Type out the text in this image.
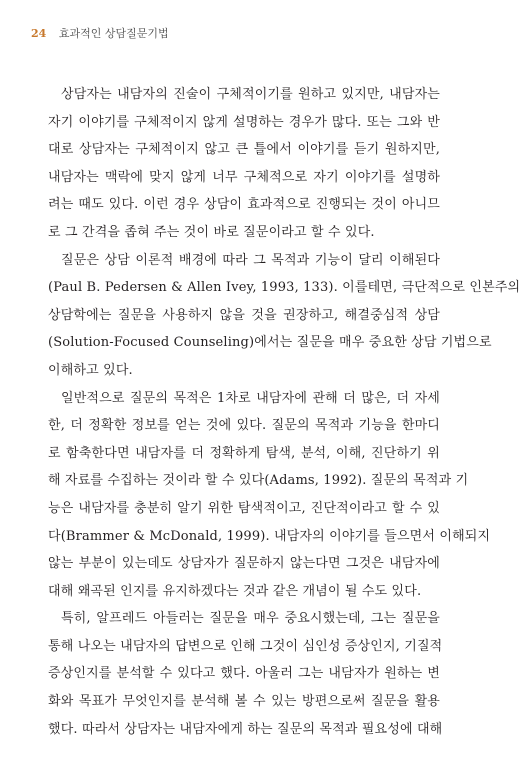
24 효과적인 상담질문기법
상담자는 내담자의 진술이 구체적이기를 원하고 있지만, 내담자는
자기 이야기를 구체적이지 않게 설명하는 경우가 많다. 또는 그와 반
대로 상담자는 구체적이지 않고 큰 틀에서 이야기를 듣기 원하지만,
내담자는 맥락에 맞지 않게 너무 구체적으로 자기 이야기를 설명하
려는 때도 있다. 이런 경우 상담이 효과적으로 진행되는 것이 아니므
로 그 간격을 좁혀 주는 것이 바로 질문이라고 할 수 있다.
질문은 상담 이론적 배경에 따라 그 목적과 기능이 달리 이해된다
(Paul B. Pedersen & Allen Ivey, 1993, 133). 이를테면, 극단적으로 인본주의
상담학에는 질문을 사용하지 않을 것을 권장하고, 해결중심적 상담
(Solution-Focused Counseling)에서는 질문을 매우 중요한 상담 기법으로
이해하고 있다.
일반적으로 질문의 목적은 1차로 내담자에 관해 더 많은, 더 자세
한, 더 정확한 정보를 얻는 것에 있다. 질문의 목적과 기능을 한마디
로 함축한다면 내담자를 더 정확하게 탐색, 분석, 이해, 진단하기 위
해 자료를 수집하는 것이라 할 수 있다(Adams, 1992). 질문의 목적과 기
능은 내담자를 충분히 알기 위한 탐색적이고, 진단적이라고 할 수 있
다(Brammer & McDonald, 1999). 내담자의 이야기를 들으면서 이해되지
않는 부분이 있는데도 상담자가 질문하지 않는다면 그것은 내담자에
대해 왜곡된 인지를 유지하겠다는 것과 같은 개념이 될 수도 있다.
특히, 알프레드 아들러는 질문을 매우 중요시했는데, 그는 질문을
통해 나오는 내담자의 답변으로 인해 그것이 심인성 증상인지, 기질적
증상인지를 분석할 수 있다고 했다. 아울러 그는 내담자가 원하는 변
화와 목표가 무엇인지를 분석해 볼 수 있는 방편으로써 질문을 활용
했다. 따라서 상담자는 내담자에게 하는 질문의 목적과 필요성에 대해
